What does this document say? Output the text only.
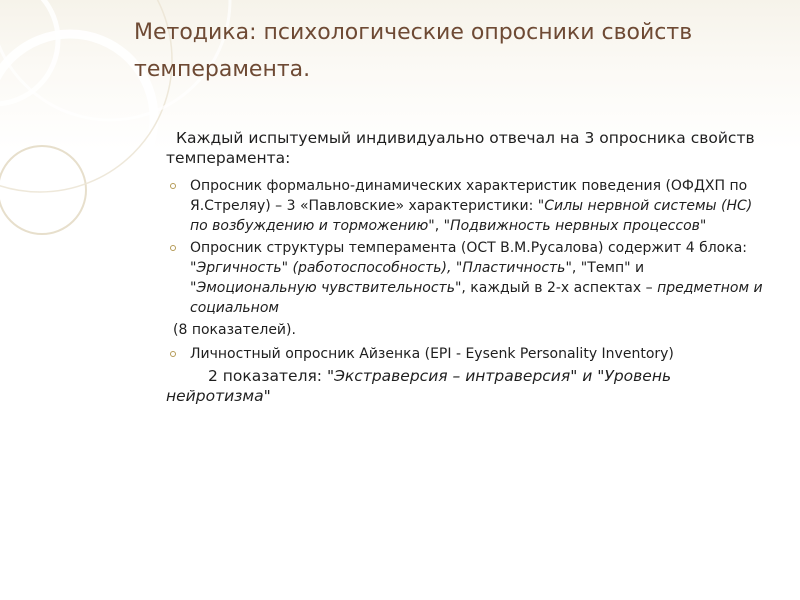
Методика: психологические опросники свойств темперамента.

Каждый испытуемый индивидуально отвечал на 3 опросника свойств темперамента:

Опросник формально-динамических характеристик поведения (ОФДХП по Я.Стреляу) – 3 «Павловские» характеристики: "Силы нервной системы (НС) по возбуждению и торможению", "Подвижность нервных процессов"
Опросник структуры темперамента (ОСТ В.М.Русалова) содержит 4 блока: "Эргичность" (работоспособность), "Пластичность", "Темп" и "Эмоциональную чувствительность", каждый в 2-х аспектах – предметном и социальном

(8 показателей).

Личностный опросник Айзенка (EPI - Eysenk Personality Inventory)

2 показателя: "Экстраверсия – интраверсия" и "Уровень нейротизма"
